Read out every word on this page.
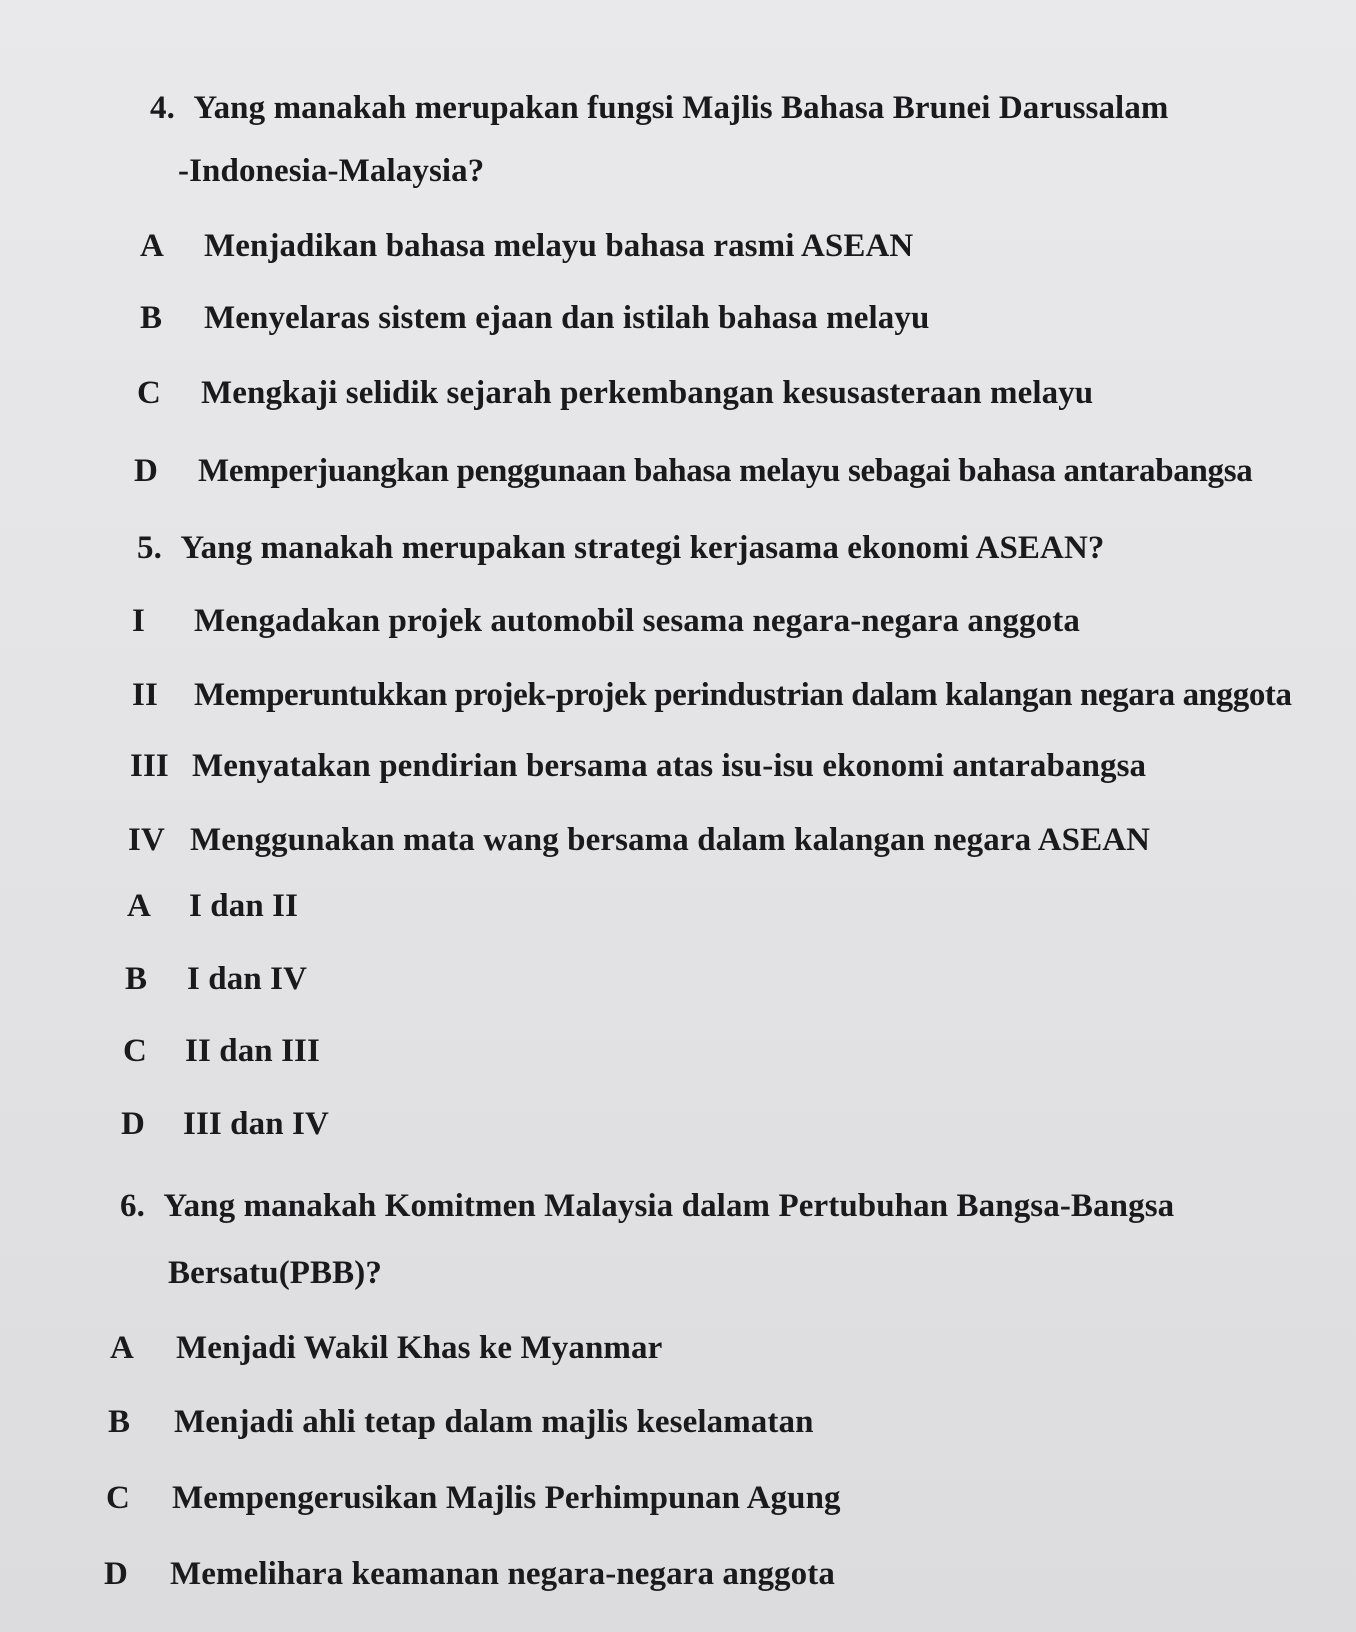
4. Yang manakah merupakan fungsi Majlis Bahasa Brunei Darussalam
-Indonesia-Malaysia?
A Menjadikan bahasa melayu bahasa rasmi ASEAN
B Menyelaras sistem ejaan dan istilah bahasa melayu
C Mengkaji selidik sejarah perkembangan kesusasteraan melayu
D Memperjuangkan penggunaan bahasa melayu sebagai bahasa antarabangsa
5. Yang manakah merupakan strategi kerjasama ekonomi ASEAN?
I Mengadakan projek automobil sesama negara-negara anggota
II Memperuntukkan projek-projek perindustrian dalam kalangan negara anggota
III Menyatakan pendirian bersama atas isu-isu ekonomi antarabangsa
IV Menggunakan mata wang bersama dalam kalangan negara ASEAN
A I dan II
B I dan IV
C II dan III
D III dan IV
6. Yang manakah Komitmen Malaysia dalam Pertubuhan Bangsa-Bangsa
Bersatu(PBB)?
A Menjadi Wakil Khas ke Myanmar
B Menjadi ahli tetap dalam majlis keselamatan
C Mempengerusikan Majlis Perhimpunan Agung
D Memelihara keamanan negara-negara anggota
